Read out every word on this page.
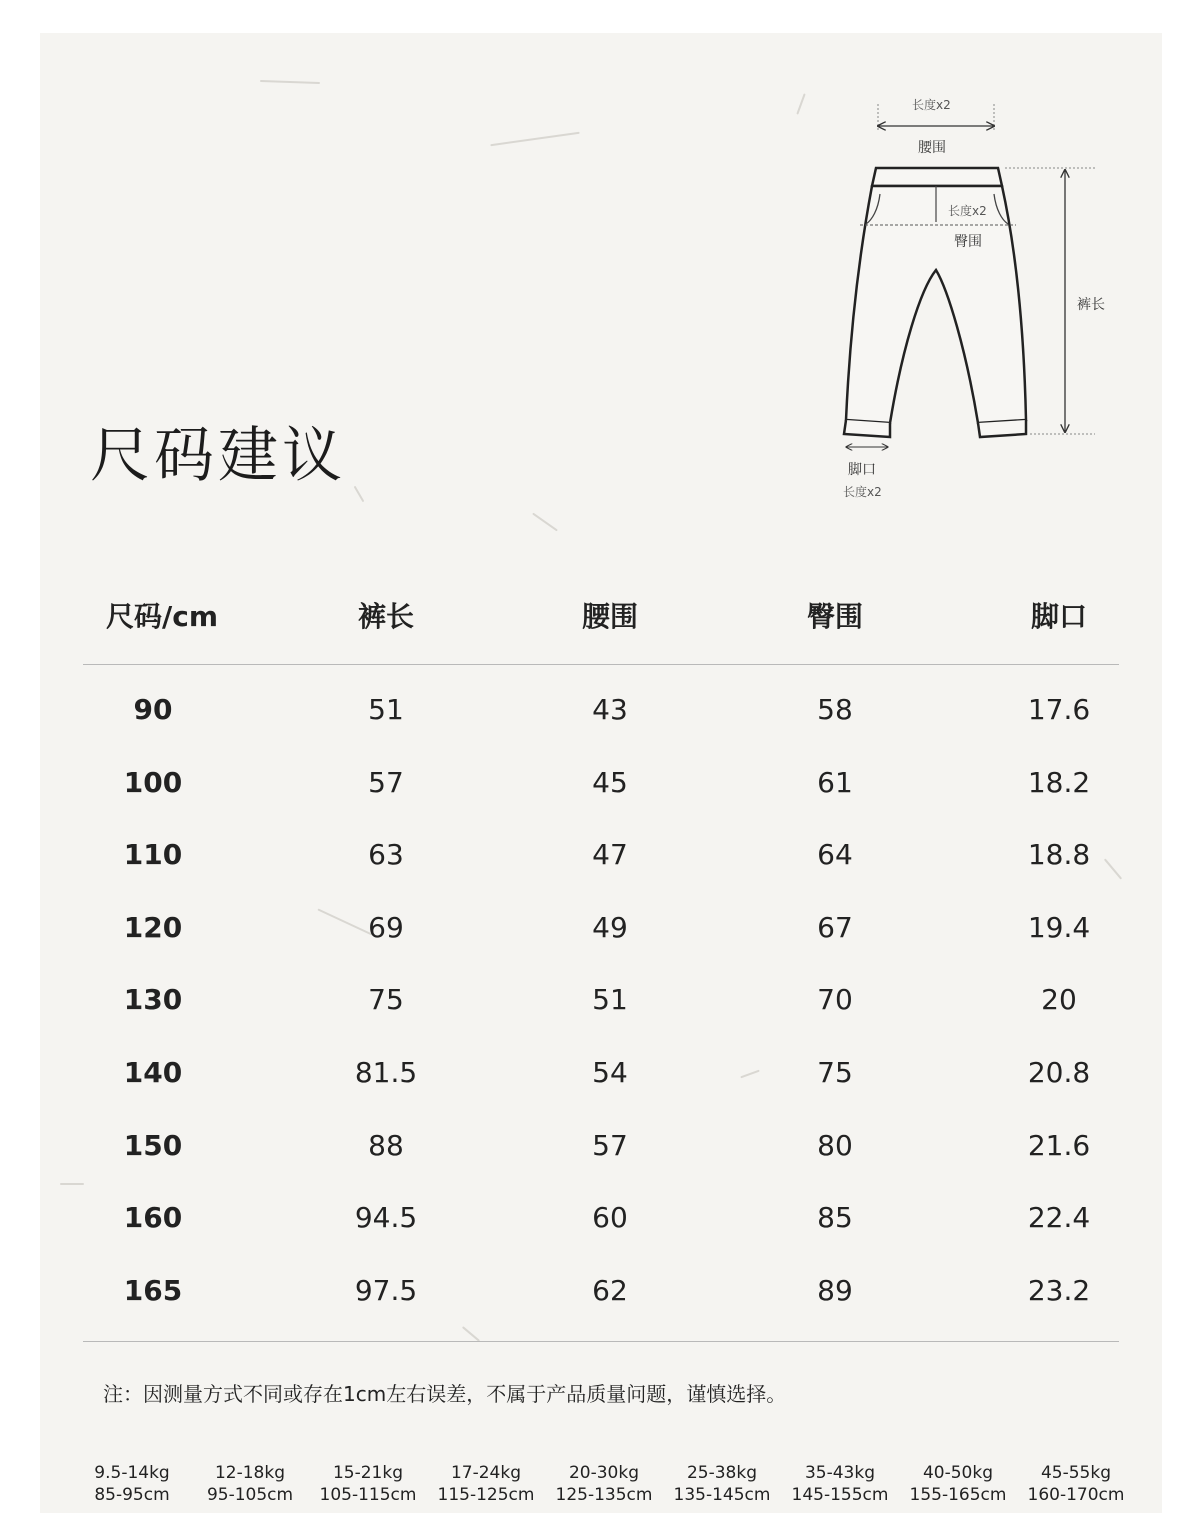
尺码建议
长度x2
腰围
长度x2
臀围
裤长
脚口
长度x2
尺码/cm	裤长	腰围	臀围	脚口
90	51	43	58	17.6
100	57	45	61	18.2
110	63	47	64	18.8
120	69	49	67	19.4
130	75	51	70	20
140	81.5	54	75	20.8
150	88	57	80	21.6
160	94.5	60	85	22.4
165	97.5	62	89	23.2
注：因测量方式不同或存在1cm左右误差，不属于产品质量问题，谨慎选择。
9.5-14kg
85-95cm
12-18kg
95-105cm
15-21kg
105-115cm
17-24kg
115-125cm
20-30kg
125-135cm
25-38kg
135-145cm
35-43kg
145-155cm
40-50kg
155-165cm
45-55kg
160-170cm
